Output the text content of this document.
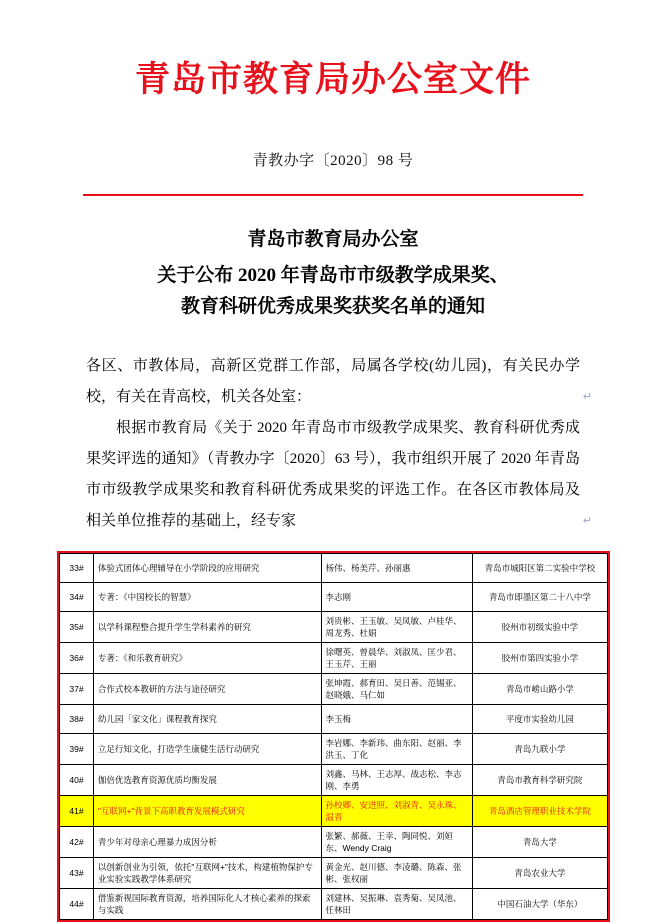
青岛市教育局办公室文件
青教办字〔2020〕98 号
青岛市教育局办公室
关于公布 2020 年青岛市市级教学成果奖、
教育科研优秀成果奖获奖名单的通知

各区、市教体局，高新区党群工作部，局属各学校(幼儿园)，有关民办学校，有关在青高校，机关各处室：

根据市教育局《关于 2020 年青岛市市级教学成果奖、教育科研优秀成果奖评选的通知》（青教办字〔2020〕63 号），我市组织开展了 2020 年青岛市市级教学成果奖和教育科研优秀成果奖的评选工作。在各区市教体局及相关单位推荐的基础上，经专家

33#	体验式团体心理辅导在小学阶段的应用研究	杨伟、杨美芹、孙丽惠	青岛市城阳区第二实验中学校
34#	专著：《中国校长的智慧》	李志刚	青岛市即墨区第二十八中学
35#	以学科课程整合提升学生学科素养的研究	刘贵彬、王玉敏、吴凤敏、卢桂华、周龙秀、杜娟	胶州市初级实验中学
36#	专著：《和乐教育研究》	徐曙英、曾晨华、刘淑凤、匡少君、王玉芹、王丽	胶州市第四实验小学
37#	合作式校本教研的方法与途径研究	张坤霞、郝育田、吴日善、范锡亚、赵晓娥、马仁如	青岛市崂山路小学
38#	幼儿园「家文化」课程教育探究	李玉梅	平度市实验幼儿园
39#	立足行知文化，打造学生康健生活行动研究	李岩娜、李新玮、曲东阳、赵丽、李洪玉、丁化	青岛九联小学
40#	伽倍优选教育资源优质均衡发展	刘鑫、马林、王志厚、战志松、李志刚、李勇	青岛市教育科学研究院
41#	"互联网+"背景下高职教育发展模式研究	孙校卿、安进照、刘淑青、吴永珠、温晋	青岛酒店管理职业技术学院
42#	青少年对母亲心理暴力成因分析	张繁、郝薇、王幸、陶同悦、刘姮东、Wendy Craig	青岛大学
43#	以创新创业为引领，依托"互联网+"技术，构建植物保护专业实验实践教学体系研究	黄金光、赵川德、李凌璐、陈森、张彬、张权丽	青岛农业大学
44#	借鉴新视国际教育资源，培养国际化人才核心素养的探索与实践	刘建林、吴振琳、袁秀菊、吴凤池、任林田	中国石油大学（华东）
↵
↵
